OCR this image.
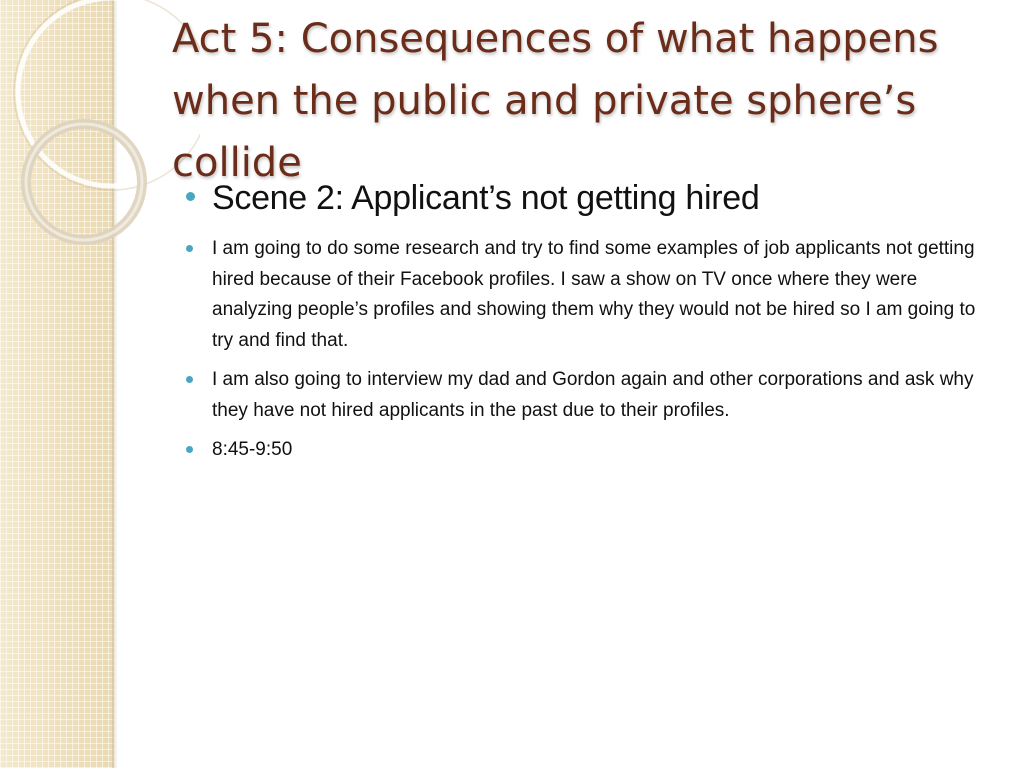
Act 5: Consequences of what happens when the public and private sphere’s collide
Scene 2: Applicant’s not getting hired
I am going to do some research and try to find some examples of job applicants not getting hired because of their Facebook profiles. I saw a show on TV once where they were analyzing people’s profiles and showing them why they would not be hired so I am going to try and find that.
I am also going to interview my dad and Gordon again and other corporations and ask why they have not hired applicants in the past due to their profiles.
8:45-9:50
